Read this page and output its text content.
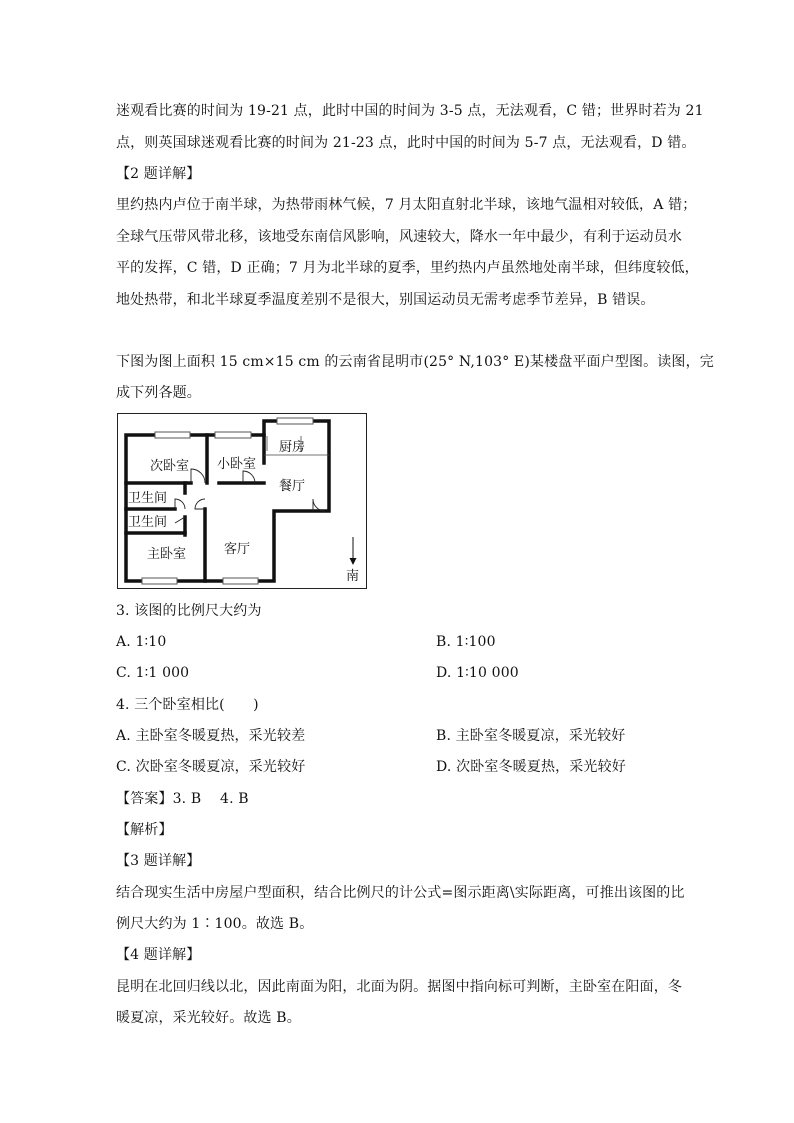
迷观看比赛的时间为 19-21 点，此时中国的时间为 3-5 点，无法观看，C 错；世界时若为 21
点，则英国球迷观看比赛的时间为 21-23 点，此时中国的时间为 5-7 点，无法观看，D 错。
【2 题详解】
里约热内卢位于南半球，为热带雨林气候，7 月太阳直射北半球，该地气温相对较低，A 错；
全球气压带风带北移，该地受东南信风影响，风速较大，降水一年中最少，有利于运动员水
平的发挥，C 错，D 正确；7 月为北半球的夏季，里约热内卢虽然地处南半球，但纬度较低，
地处热带，和北半球夏季温度差别不是很大，别国运动员无需考虑季节差异，B 错误。
下图为图上面积 15 cm×15 cm 的云南省昆明市(25° N,103° E)某楼盘平面户型图。读图，完
成下列各题。
次卧室 小卧室
厨房
餐厅
卫生间
卫生间
主卧室	客厅
南
3. 该图的比例尺大约为
A. 1∶10	B. 1∶100
C. 1∶1 000	D. 1∶10 000
4. 三个卧室相比(　　)
A. 主卧室冬暖夏热，采光较差	B. 主卧室冬暖夏凉，采光较好
C. 次卧室冬暖夏凉，采光较好	D. 次卧室冬暖夏热，采光较好
【答案】3. B　 4. B
【解析】
【3 题详解】
结合现实生活中房屋户型面积，结合比例尺的计公式=图示距离\实际距离，可推出该图的比
例尺大约为 1∶100。故选 B。
【4 题详解】
昆明在北回归线以北，因此南面为阳，北面为阴。据图中指向标可判断，主卧室在阳面，冬
暖夏凉，采光较好。故选 B。
